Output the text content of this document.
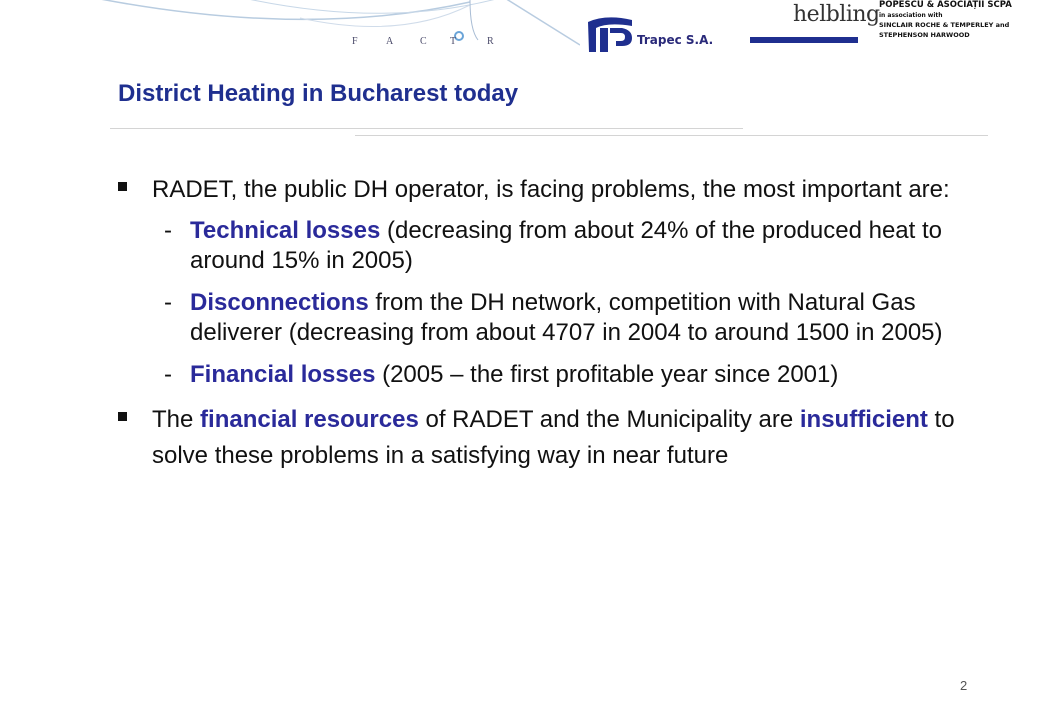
F	A	C T	R	Trapec S.A.
helbling POPESCU & ASOCIAȚII SCPA
in association with
SINCLAIR ROCHE & TEMPERLEY and
STEPHENSON HARWOOD
District Heating in Bucharest today
RADET, the public DH operator, is facing problems, the most important are:
- Technical losses (decreasing from about 24% of the produced heat to around 15% in 2005)
- Disconnections from the DH network, competition with Natural Gas deliverer (decreasing from about 4707 in 2004 to around 1500 in 2005)
- Financial losses (2005 – the first profitable year since 2001)
The financial resources of RADET and the Municipality are insufficient to solve these problems in a satisfying way in near future
2
